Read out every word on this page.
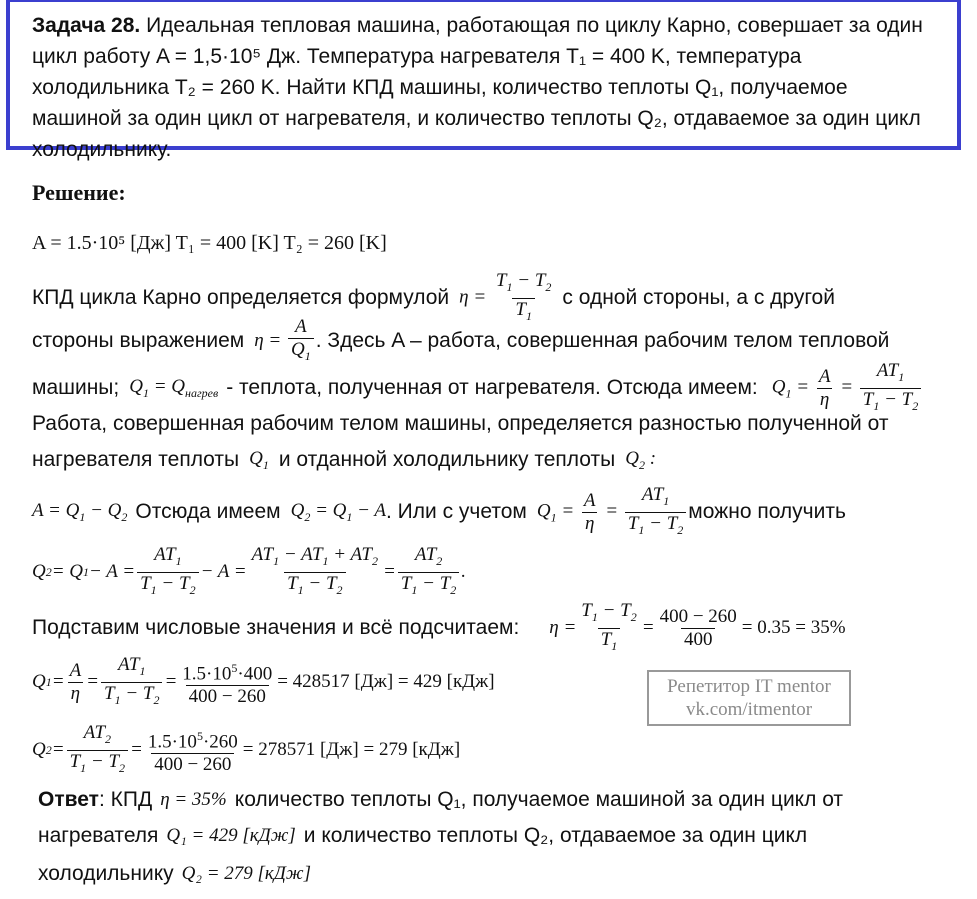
Задача 28. Идеальная тепловая машина, работающая по циклу Карно, совершает за один цикл работу A = 1,5·10⁵ Дж. Температура нагревателя T₁ = 400 K, температура холодильника T₂ = 260 K. Найти КПД машины, количество теплоты Q₁, получаемое машиной за один цикл от нагревателя, и количество теплоты Q₂, отдаваемое за один цикл холодильнику.
Решение:
A = 1.5·10⁵ [Дж] T₁ = 400 [K] T₂ = 260 [K]
КПД цикла Карно определяется формулой $\eta = \frac{T_1 - T_2}{T_1}$ с одной стороны, а с другой
стороны выражением $\eta = \frac{A}{Q_1}$ . Здесь A – работа, совершенная рабочим телом тепловой
машины; $Q_1 = Q_{нагрев}$ - теплота, полученная от нагревателя. Отсюда имеем: $Q_1 = \frac{A}{\eta} = \frac{AT_1}{T_1 - T_2}$
Работа, совершенная рабочим телом машины, определяется разностью полученной от
нагревателя теплоты $Q_1$ и отданной холодильнику теплоты $Q_2$ :
$A = Q_1 - Q_2$ Отсюда имеем $Q_2 = Q_1 - A$ . Или с учетом $Q_1 = \frac{A}{\eta} = \frac{AT_1}{T_1 - T_2}$ можно получить
Q 2 = Q $1 - A = \frac{AT_1}{T_1 - T_2} - A = \frac{AT_1 - AT_1 + AT_2}{T_1 - T_2} = \frac{AT_2}{T_1 - T_2}$ .
Подставим числовые значения и всё подсчитаем: $\eta = \frac{T_1 - T_2}{T_1} = \frac{400 - 260}{400} = 0.35 = 35\%$
Q $1 = \frac{A}{\eta} = \frac{AT_1}{T_1 - T_2} = \frac{1.5\cdot 10^5\cdot 400}{400 - 260} = 428517$ [Дж] = 429 [кДж]
Q $2 = \frac{AT_2}{T_1 - T_2} = \frac{1.5\cdot 10^5\cdot 260}{400 - 260} = 278571$ [Дж] = 279 [кДж]
Репетитор IT mentor
vk.com/itmentor
Ответ : КПД η = 35% количество теплоты Q₁, получаемое машиной за один цикл от
нагревателя Q₁ = 429 [кДж] и количество теплоты Q₂, отдаваемое за один цикл
холодильнику Q₂ = 279 [кДж]
